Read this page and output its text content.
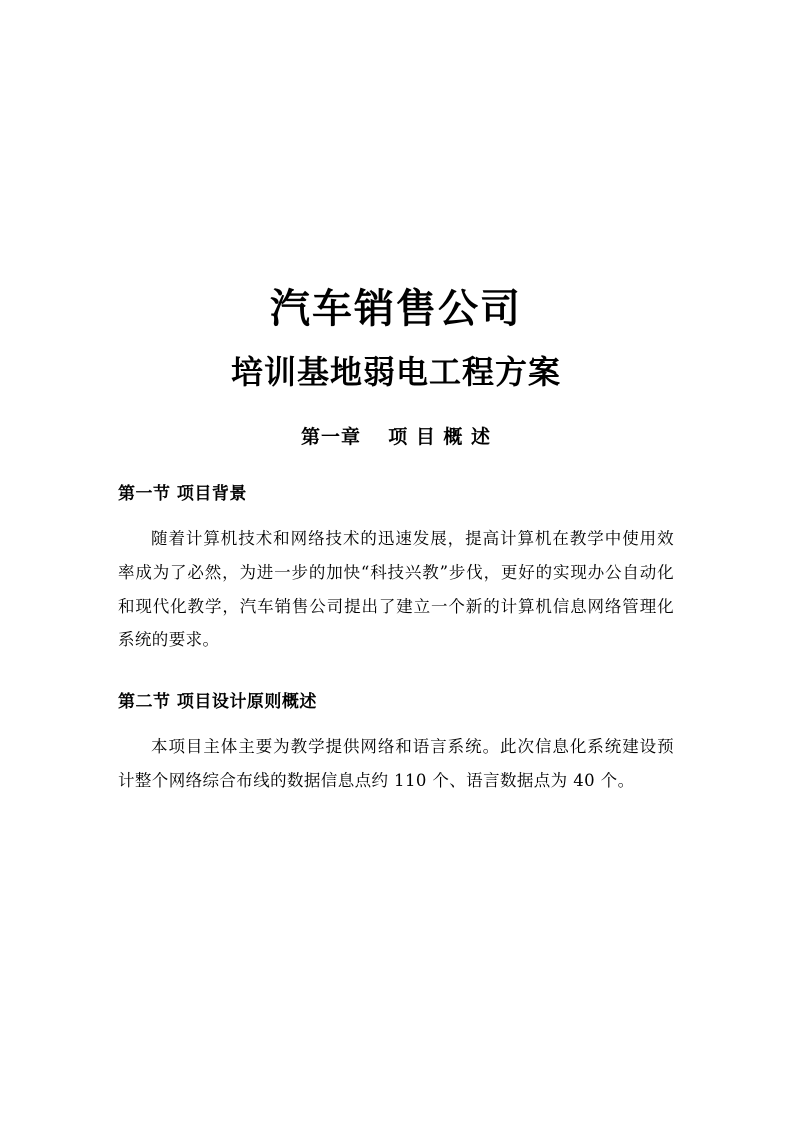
汽车销售公司
培训基地弱电工程方案
第一章 项 目 概 述
第一节 项目背景

随着计算机技术和网络技术的迅速发展，提高计算机在教学中使用效率成为了必然，为进一步的加快“科技兴教”步伐，更好的实现办公自动化和现代化教学，汽车销售公司提出了建立一个新的计算机信息网络管理化系统的要求。

第二节 项目设计原则概述

本项目主体主要为教学提供网络和语言系统。此次信息化系统建设预计整个网络综合布线的数据信息点约 110 个、语言数据点为 40 个。
